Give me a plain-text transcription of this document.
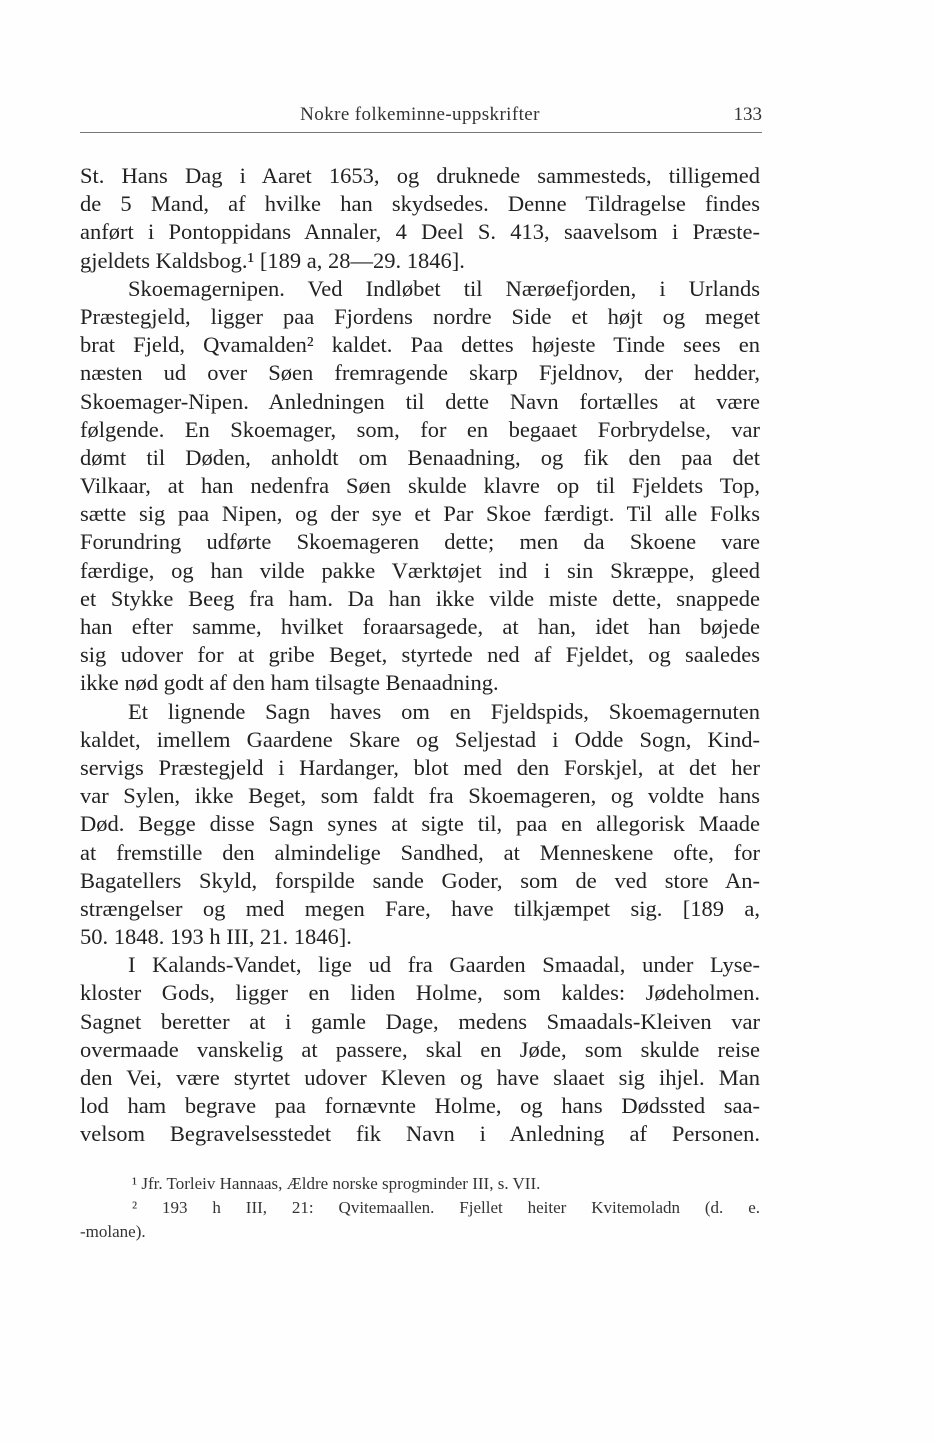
Nokre folkeminne-uppskrifter	133
St. Hans Dag i Aaret 1653, og druknede sammesteds, tilligemed
de 5 Mand, af hvilke han skydsedes. Denne Tildragelse findes
anført i Pontoppidans Annaler, 4 Deel S. 413, saavelsom i Præste-
gjeldets Kaldsbog.¹ [189 a, 28—29. 1846].
Skoemagernipen. Ved Indløbet til Nærøefjorden, i Urlands
Præstegjeld, ligger paa Fjordens nordre Side et højt og meget
brat Fjeld, Qvamalden² kaldet. Paa dettes højeste Tinde sees en
næsten ud over Søen fremragende skarp Fjeldnov, der hedder,
Skoemager-Nipen. Anledningen til dette Navn fortælles at være
følgende. En Skoemager, som, for en begaaet Forbrydelse, var
dømt til Døden, anholdt om Benaadning, og fik den paa det
Vilkaar, at han nedenfra Søen skulde klavre op til Fjeldets Top,
sætte sig paa Nipen, og der sye et Par Skoe færdigt. Til alle Folks
Forundring udførte Skoemageren dette; men da Skoene vare
færdige, og han vilde pakke Værktøjet ind i sin Skræppe, gleed
et Stykke Beeg fra ham. Da han ikke vilde miste dette, snappede
han efter samme, hvilket foraarsagede, at han, idet han bøjede
sig udover for at gribe Beget, styrtede ned af Fjeldet, og saaledes
ikke nød godt af den ham tilsagte Benaadning.
Et lignende Sagn haves om en Fjeldspids, Skoemagernuten
kaldet, imellem Gaardene Skare og Seljestad i Odde Sogn, Kind-
servigs Præstegjeld i Hardanger, blot med den Forskjel, at det her
var Sylen, ikke Beget, som faldt fra Skoemageren, og voldte hans
Død. Begge disse Sagn synes at sigte til, paa en allegorisk Maade
at fremstille den almindelige Sandhed, at Menneskene ofte, for
Bagatellers Skyld, forspilde sande Goder, som de ved store An-
strængelser og med megen Fare, have tilkjæmpet sig. [189 a,
50. 1848. 193 h III, 21. 1846].
I Kalands-Vandet, lige ud fra Gaarden Smaadal, under Lyse-
kloster Gods, ligger en liden Holme, som kaldes: Jødeholmen.
Sagnet beretter at i gamle Dage, medens Smaadals-Kleiven var
overmaade vanskelig at passere, skal en Jøde, som skulde reise
den Vei, være styrtet udover Kleven og have slaaet sig ihjel. Man
lod ham begrave paa fornævnte Holme, og hans Dødssted saa-
velsom Begravelsesstedet fik Navn i Anledning af Personen.
¹ Jfr. Torleiv Hannaas, Ældre norske sprogminder III, s. VII.
² 193 h III, 21: Qvitemaallen. Fjellet heiter Kvitemoladn (d. e.
-molane).
